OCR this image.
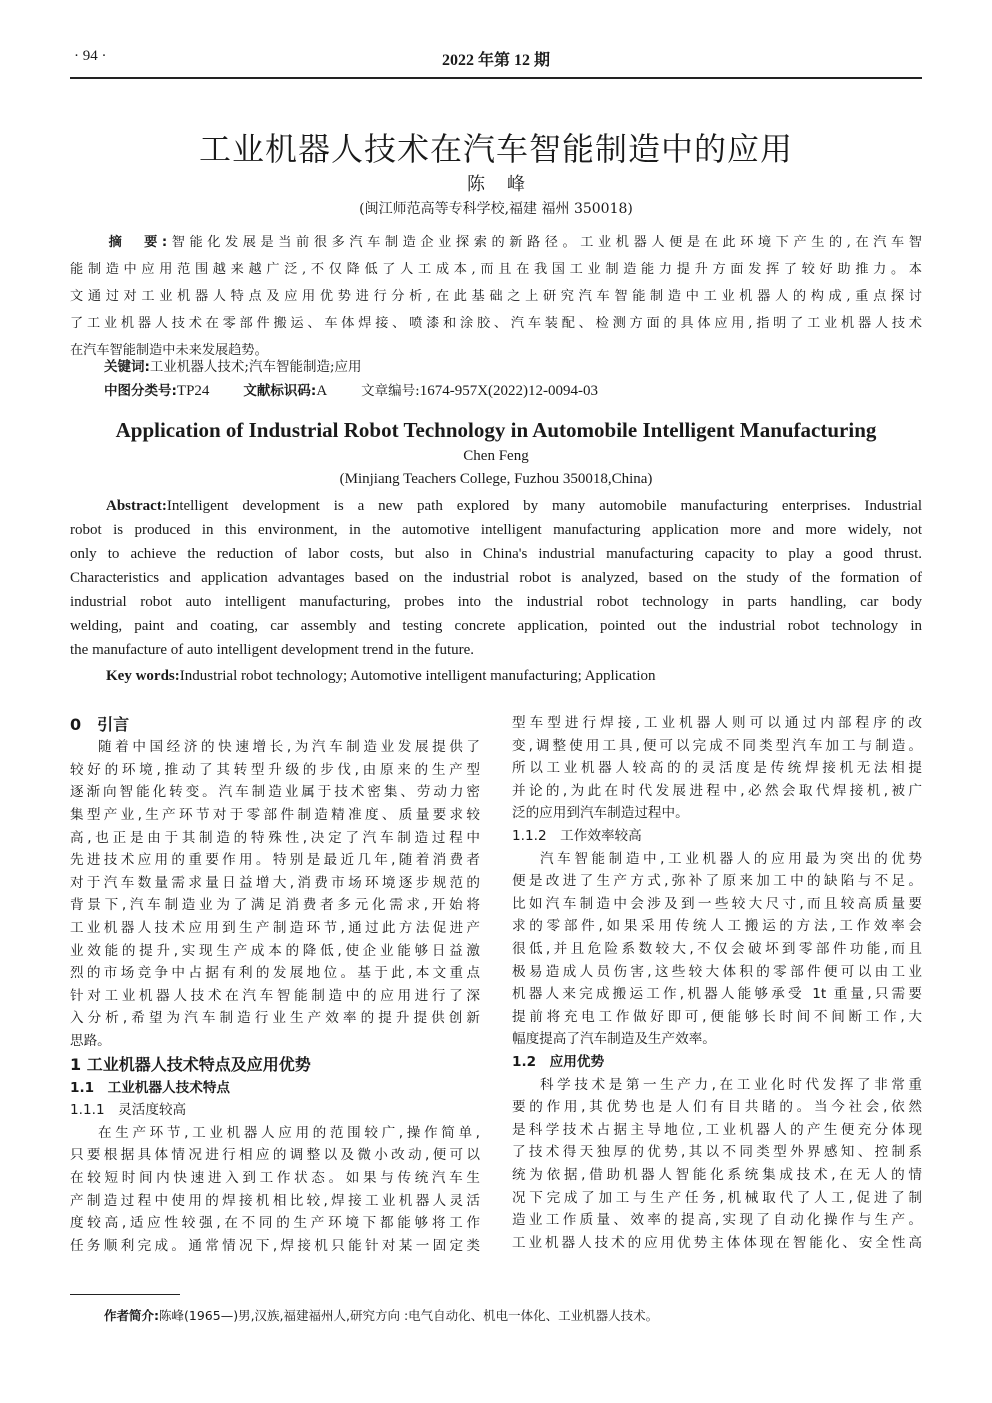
· 94 ·	2022 年第 12 期
工业机器人技术在汽车智能制造中的应用
陈峰
(闽江师范高等专科学校,福建 福州 350018)
摘　要:智能化发展是当前很多汽车制造企业探索的新路径。工业机器人便是在此环境下产生的,在汽车智
能制造中应用范围越来越广泛,不仅降低了人工成本,而且在我国工业制造能力提升方面发挥了较好助推力。本
文通过对工业机器人特点及应用优势进行分析,在此基础之上研究汽车智能制造中工业机器人的构成,重点探讨
了工业机器人技术在零部件搬运、车体焊接、喷漆和涂胶、汽车装配、检测方面的具体应用,指明了工业机器人技术
在汽车智能制造中未来发展趋势。
关键词:工业机器人技术;汽车智能制造;应用
中图分类号:TP24	文献标识码:A	文章编号:1674-957X(2022)12-0094-03
Application of Industrial Robot Technology in Automobile Intelligent Manufacturing
Chen Feng
(Minjiang Teachers College, Fuzhou 350018,China)
Abstract:Intelligent development is a new path explored by many automobile manufacturing enterprises. Industrial
robot is produced in this environment, in the automotive intelligent manufacturing application more and more widely, not
only to achieve the reduction of labor costs, but also in China's industrial manufacturing capacity to play a good thrust.
Characteristics and application advantages based on the industrial robot is analyzed, based on the study of the formation of
industrial robot auto intelligent manufacturing, probes into the industrial robot technology in parts handling, car body
welding, paint and coating, car assembly and testing concrete application, pointed out the industrial robot technology in
the manufacture of auto intelligent development trend in the future.
Key words:Industrial robot technology; Automotive intelligent manufacturing; Application
0　引言
随着中国经济的快速增长,为汽车制造业发展提供了
较好的环境,推动了其转型升级的步伐,由原来的生产型
逐渐向智能化转变。汽车制造业属于技术密集、劳动力密
集型产业,生产环节对于零部件制造精准度、质量要求较
高,也正是由于其制造的特殊性,决定了汽车制造过程中
先进技术应用的重要作用。特别是最近几年,随着消费者
对于汽车数量需求量日益增大,消费市场环境逐步规范的
背景下,汽车制造业为了满足消费者多元化需求,开始将
工业机器人技术应用到生产制造环节,通过此方法促进产
业效能的提升,实现生产成本的降低,使企业能够日益激
烈的市场竞争中占据有利的发展地位。基于此,本文重点
针对工业机器人技术在汽车智能制造中的应用进行了深
入分析,希望为汽车制造行业生产效率的提升提供创新
思路。
1 工业机器人技术特点及应用优势
1.1　工业机器人技术特点
1.1.1　灵活度较高
在生产环节,工业机器人应用的范围较广,操作简单,
只要根据具体情况进行相应的调整以及微小改动,便可以
在较短时间内快速进入到工作状态。如果与传统汽车生
产制造过程中使用的焊接机相比较,焊接工业机器人灵活
度较高,适应性较强,在不同的生产环境下都能够将工作
任务顺利完成。通常情况下,焊接机只能针对某一固定类
型车型进行焊接,工业机器人则可以通过内部程序的改
变,调整使用工具,便可以完成不同类型汽车加工与制造。
所以工业机器人较高的的灵活度是传统焊接机无法相提
并论的,为此在时代发展进程中,必然会取代焊接机,被广
泛的应用到汽车制造过程中。
1.1.2　工作效率较高
汽车智能制造中,工业机器人的应用最为突出的优势
便是改进了生产方式,弥补了原来加工中的缺陷与不足。
比如汽车制造中会涉及到一些较大尺寸,而且较高质量要
求的零部件,如果采用传统人工搬运的方法,工作效率会
很低,并且危险系数较大,不仅会破坏到零部件功能,而且
极易造成人员伤害,这些较大体积的零部件便可以由工业
机器人来完成搬运工作,机器人能够承受 1t 重量,只需要
提前将充电工作做好即可,便能够长时间不间断工作,大
幅度提高了汽车制造及生产效率。
1.2　应用优势
科学技术是第一生产力,在工业化时代发挥了非常重
要的作用,其优势也是人们有目共睹的。当今社会,依然
是科学技术占据主导地位,工业机器人的产生便充分体现
了技术得天独厚的优势,其以不同类型外界感知、控制系
统为依据,借助机器人智能化系统集成技术,在无人的情
况下完成了加工与生产任务,机械取代了人工,促进了制
造业工作质量、效率的提高,实现了自动化操作与生产。
工业机器人技术的应用优势主体体现在智能化、安全性高
作者简介:陈峰(1965—)男,汉族,福建福州人,研究方向 :电气自动化、机电一体化、工业机器人技术。
